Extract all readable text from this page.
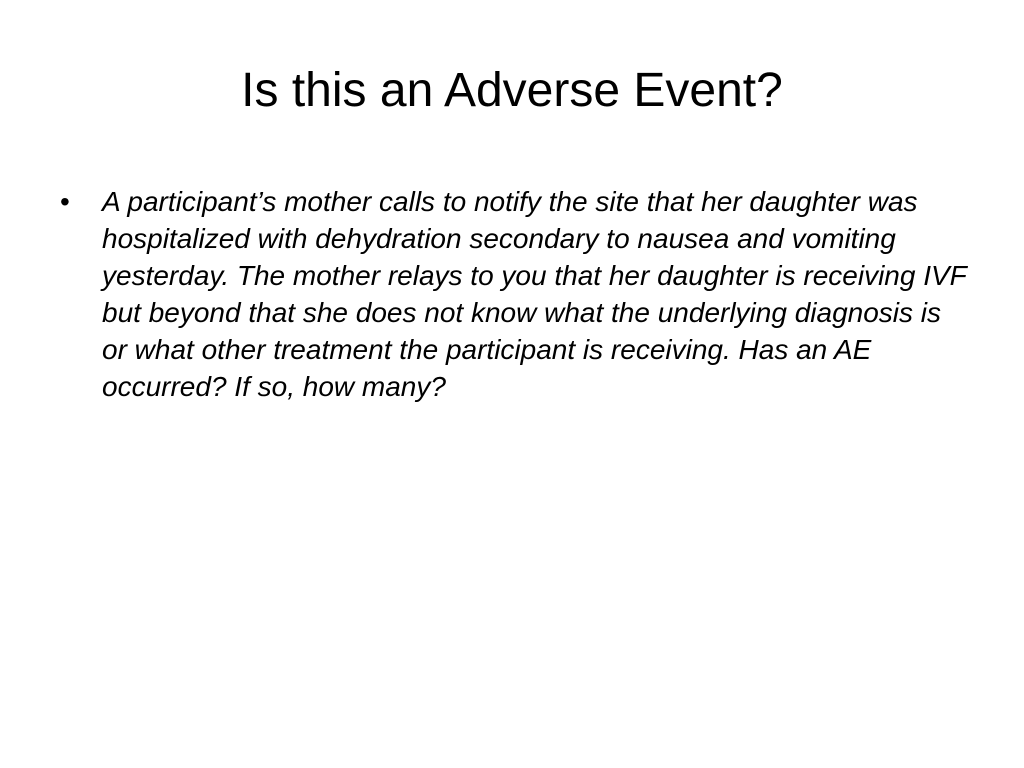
Is this an Adverse Event?
• A participant’s mother calls to notify the site that her daughter was hospitalized with dehydration secondary to nausea and vomiting yesterday. The mother relays to you that her daughter is receiving IVF but beyond that she does not know what the underlying diagnosis is or what other treatment the participant is receiving. Has an AE occurred? If so, how many?
